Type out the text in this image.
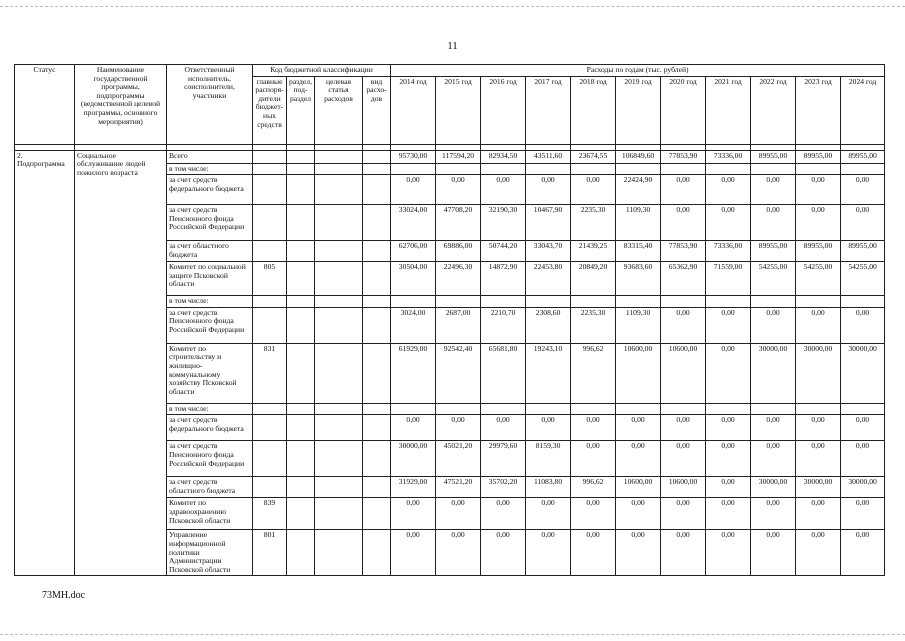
11
Статус	Наименование государственной программы, подпрограммы (ведомственной целевой программы, основного мероприятия)	Ответственный исполнитель, соисполнители, участники	Код бюджетной классификации				Расходы по годам (тыс. рублей)										
			главные распоря-дители бюджет-ных средств	раздел, под-раздел	целевая статья расходов	вид расхо-дов	2014 год	2015 год	2016 год	2017 год	2018 год	2019 год	2020 год	2021 год	2022 год	2023 год	2024 год

2. Подпрограмма	Социальное обслуживание людей пожилого возраста	Всего					95730,00	117594,20	82934,50	43511,60	23674,55	106849,60	77853,90	73336,00	89955,00	89955,00	89955,00
		в том числе:															
		за счет средств федерального бюджета					0,00	0,00	0,00	0,00	0,00	22424,90	0,00	0,00	0,00	0,00	0,00
		за счет средств Пенсионного фонда Российской Федерации					33024,00	47708,20	32190,30	10467,90	2235,30	1109,30	0,00	0,00	0,00	0,00	0,00
		за счет областного бюджета					62706,00	69886,00	50744,20	33043,70	21439,25	83315,40	77853,90	73336,00	89955,00	89955,00	89955,00
		Комитет по социальной защите Псковской области	805				30504,00	22496,30	14872,90	22453,80	20849,20	93683,60	65362,90	71559,00	54255,00	54255,00	54255,00
		в том числе:															
		за счет средств Пенсионного фонда Российской Федерации					3024,00	2687,00	2210,70	2308,60	2235,30	1109,30	0,00	0,00	0,00	0,00	0,00
		Комитет по строительству и жилищно-коммунальному хозяйству Псковской области	831				61929,00	92542,40	65681,80	19243,10	996,62	10600,00	10600,00	0,00	30000,00	30000,00	30000,00
		в том числе:															
		за счет средств федерального бюджета					0,00	0,00	0,00	0,00	0,00	0,00	0,00	0,00	0,00	0,00	0,00
		за счет средств Пенсионного фонда Российской Федерации					30000,00	45021,20	29979,60	8159,30	0,00	0,00	0,00	0,00	0,00	0,00	0,00
		за счет средств областного бюджета					31929,00	47521,20	35702,20	11083,80	996,62	10600,00	10600,00	0,00	30000,00	30000,00	30000,00
		Комитет по здравоохранению Псковской области	839				0,00	0,00	0,00	0,00	0,00	0,00	0,00	0,00	0,00	0,00	0,00
		Управление информационной политики Администрации Псковской области	801				0,00	0,00	0,00	0,00	0,00	0,00	0,00	0,00	0,00	0,00	0,00
73МН.doc
